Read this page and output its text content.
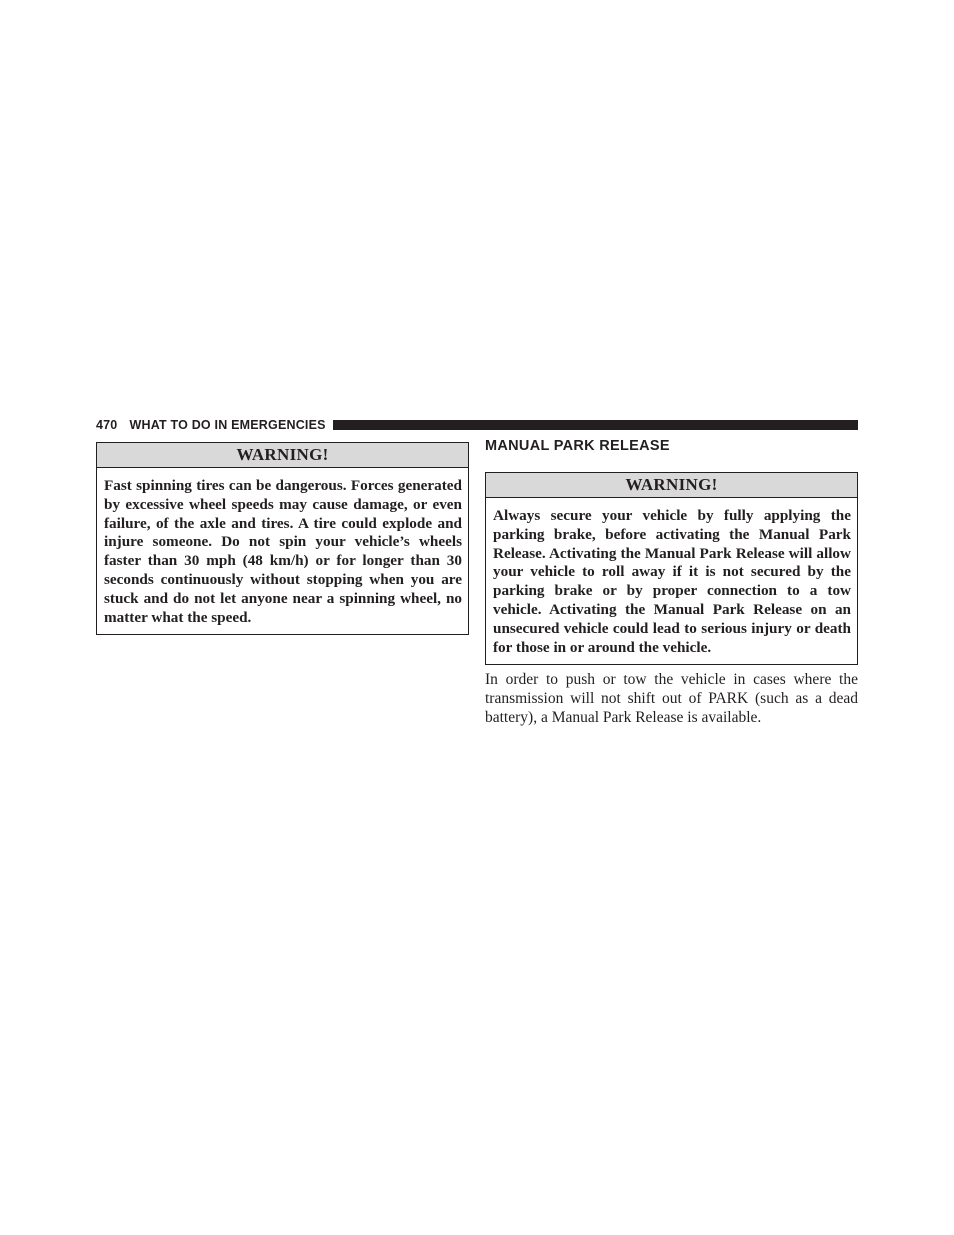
470 WHAT TO DO IN EMERGENCIES
WARNING!
Fast spinning tires can be dangerous. Forces generated by excessive wheel speeds may cause damage, or even failure, of the axle and tires. A tire could explode and injure someone. Do not spin your vehicle’s wheels faster than 30 mph (48 km/h) or for longer than 30 seconds continuously without stopping when you are stuck and do not let anyone near a spinning wheel, no matter what the speed.
MANUAL PARK RELEASE
WARNING!
Always secure your vehicle by fully applying the parking brake, before activating the Manual Park Release. Activating the Manual Park Release will allow your vehicle to roll away if it is not secured by the parking brake or by proper connection to a tow vehicle. Activating the Manual Park Release on an unsecured vehicle could lead to serious injury or death for those in or around the vehicle.
In order to push or tow the vehicle in cases where the transmission will not shift out of PARK (such as a dead battery), a Manual Park Release is available.
